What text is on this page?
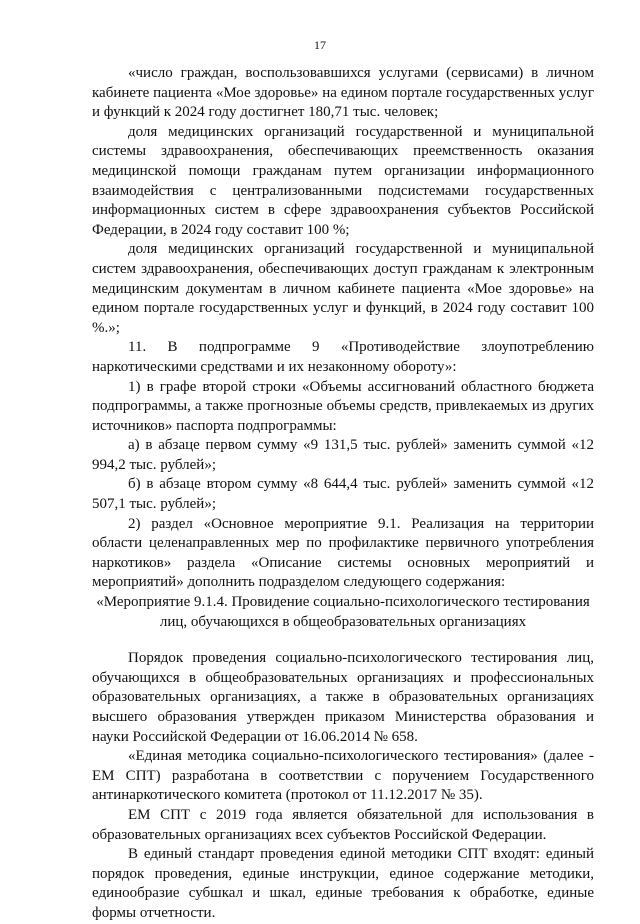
17

«число граждан, воспользовавшихся услугами (сервисами) в личном кабинете пациента «Мое здоровье» на едином портале государственных услуг и функций к 2024 году достигнет 180,71 тыс. человек;

доля медицинских организаций государственной и муниципальной системы здравоохранения, обеспечивающих преемственность оказания медицинской помощи гражданам путем организации информационного взаимодействия с централизованными подсистемами государственных информационных систем в сфере здравоохранения субъектов Российской Федерации, в 2024 году составит 100 %;

доля медицинских организаций государственной и муниципальной систем здравоохранения, обеспечивающих доступ гражданам к электронным медицинским документам в личном кабинете пациента «Мое здоровье» на едином портале государственных услуг и функций, в 2024 году составит 100 %.»;

11. В подпрограмме 9 «Противодействие злоупотреблению наркотическими средствами и их незаконному обороту»:

1) в графе второй строки «Объемы ассигнований областного бюджета подпрограммы, а также прогнозные объемы средств, привлекаемых из других источников» паспорта подпрограммы:

а) в абзаце первом сумму «9 131,5 тыс. рублей» заменить суммой «12 994,2 тыс. рублей»;

б) в абзаце втором сумму «8 644,4 тыс. рублей» заменить суммой «12 507,1 тыс. рублей»;

2) раздел «Основное мероприятие 9.1. Реализация на территории области целенаправленных мер по профилактике первичного употребления наркотиков» раздела «Описание системы основных мероприятий и мероприятий» дополнить подразделом следующего содержания:

«Мероприятие 9.1.4. Провидение социально-психологического тестирования

лиц, обучающихся в общеобразовательных организациях

Порядок проведения социально-психологического тестирования лиц, обучающихся в общеобразовательных организациях и профессиональных образовательных организациях, а также в образовательных организациях высшего образования утвержден приказом Министерства образования и науки Российской Федерации от 16.06.2014 № 658.

«Единая методика социально-психологического тестирования» (далее - ЕМ СПТ) разработана в соответствии с поручением Государственного антинаркотического комитета (протокол от 11.12.2017 № 35).

ЕМ СПТ с 2019 года является обязательной для использования в образовательных организациях всех субъектов Российской Федерации.

В единый стандарт проведения единой методики СПТ входят: единый порядок проведения, единые инструкции, единое содержание методики, единообразие субшкал и шкал, единые требования к обработке, единые формы отчетности.
